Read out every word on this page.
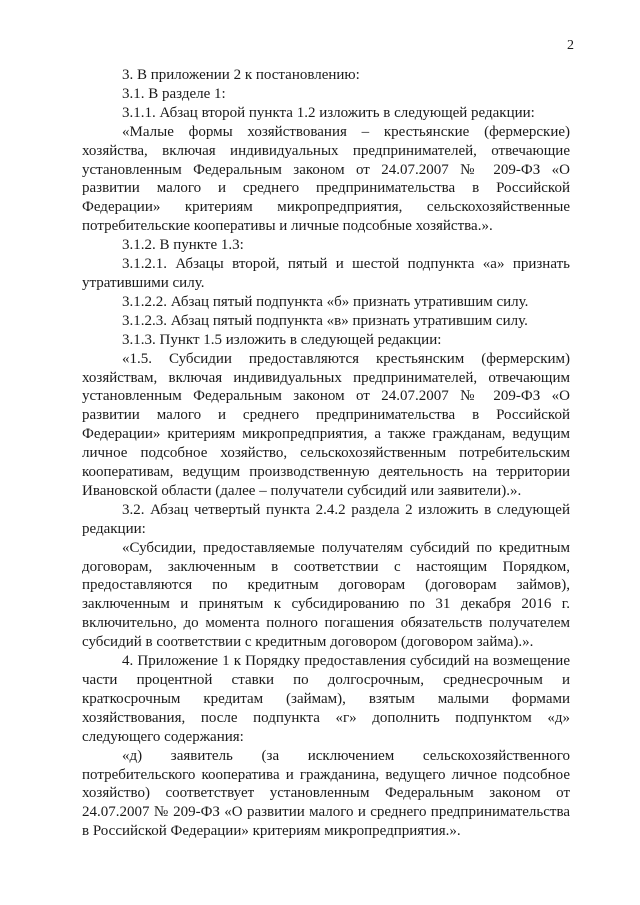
2

3. В приложении 2 к постановлению:

3.1. В разделе 1:

3.1.1. Абзац второй пункта 1.2 изложить в следующей редакции:

«Малые формы хозяйствования – крестьянские (фермерские) хозяйства, включая индивидуальных предпринимателей, отвечающие установленным Федеральным законом от 24.07.2007 № 209-ФЗ «О развитии малого и среднего предпринимательства в Российской Федерации» критериям микропредприятия, сельскохозяйственные потребительские кооперативы и личные подсобные хозяйства.».

3.1.2. В пункте 1.3:

3.1.2.1. Абзацы второй, пятый и шестой подпункта «а» признать утратившими силу.

3.1.2.2. Абзац пятый подпункта «б» признать утратившим силу.

3.1.2.3. Абзац пятый подпункта «в» признать утратившим силу.

3.1.3. Пункт 1.5 изложить в следующей редакции:

«1.5. Субсидии предоставляются крестьянским (фермерским) хозяйствам, включая индивидуальных предпринимателей, отвечающим установленным Федеральным законом от 24.07.2007 № 209-ФЗ «О развитии малого и среднего предпринимательства в Российской Федерации» критериям микропредприятия, а также гражданам, ведущим личное подсобное хозяйство, сельскохозяйственным потребительским кооперативам, ведущим производственную деятельность на территории Ивановской области (далее – получатели субсидий или заявители).».

3.2. Абзац четвертый пункта 2.4.2 раздела 2 изложить в следующей редакции:

«Субсидии, предоставляемые получателям субсидий по кредитным договорам, заключенным в соответствии с настоящим Порядком, предоставляются по кредитным договорам (договорам займов), заключенным и принятым к субсидированию по 31 декабря 2016 г. включительно, до момента полного погашения обязательств получателем субсидий в соответствии с кредитным договором (договором займа).».

4. Приложение 1 к Порядку предоставления субсидий на возмещение части процентной ставки по долгосрочным, среднесрочным и краткосрочным кредитам (займам), взятым малыми формами хозяйствования, после подпункта «г» дополнить подпунктом «д» следующего содержания:

«д) заявитель (за исключением сельскохозяйственного потребительского кооператива и гражданина, ведущего личное подсобное хозяйство) соответствует установленным Федеральным законом от 24.07.2007 № 209-ФЗ «О развитии малого и среднего предпринимательства в Российской Федерации» критериям микропредприятия.».
